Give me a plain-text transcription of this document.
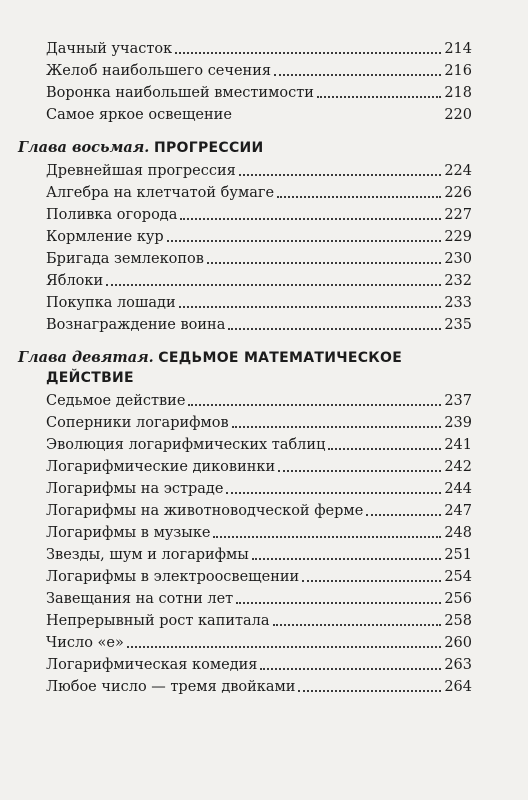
Дачный участок	214
Желоб наибольшего сечения	216
Воронка наибольшей вместимости	218
Самое яркое освещение	220
Глава восьмая. ПРОГРЕССИИ
Древнейшая прогрессия	224
Алгебра на клетчатой бумаге	226
Поливка огорода	227
Кормление кур	229
Бригада землекопов	230
Яблоки	232
Покупка лошади	233
Вознаграждение воина	235
Глава девятая. СЕДЬМОЕ МАТЕМАТИЧЕСКОЕ
ДЕЙСТВИЕ
Седьмое действие	237
Соперники логарифмов	239
Эволюция логарифмических таблиц	241
Логарифмические диковинки	242
Логарифмы на эстраде	244
Логарифмы на животноводческой ферме	247
Логарифмы в музыке	248
Звезды, шум и логарифмы	251
Логарифмы в электроосвещении	254
Завещания на сотни лет	256
Непрерывный рост капитала	258
Число «е»	260
Логарифмическая комедия	263
Любое число — тремя двойками	264
